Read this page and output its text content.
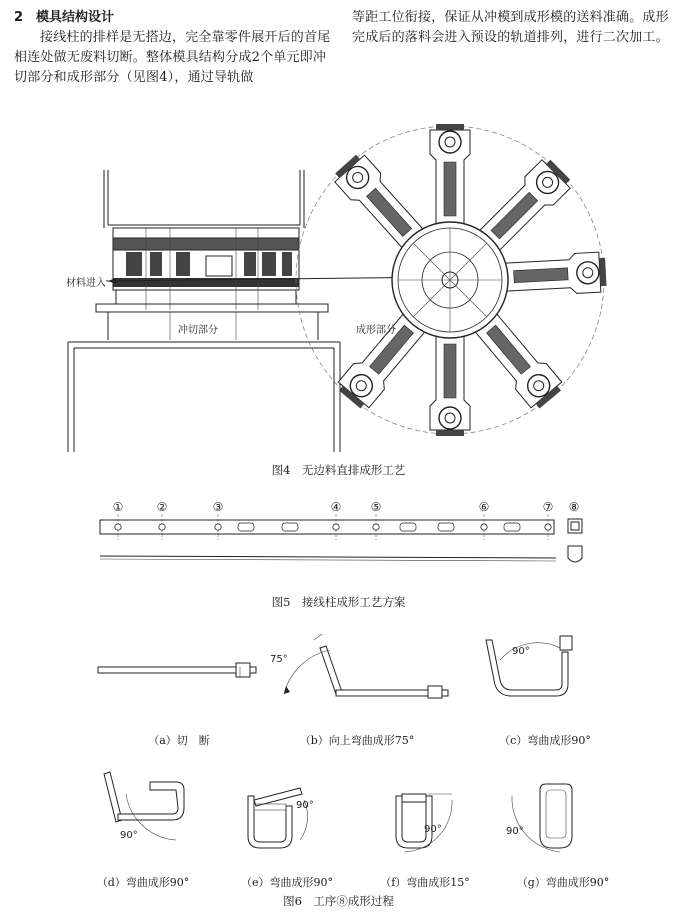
2 模具结构设计
接线柱的排样是无搭边，完全靠零件展开后的首尾相连处做无废料切断。整体模具结构分成2个单元即冲切部分和成形部分（见图4），通过导轨做
等距工位衔接，保证从冲模到成形模的送料准确。成形完成后的落料会进入预设的轨道排列，进行二次加工。
材料进入
冲切部分	成形部分
图4　无边料直排成形工艺
①	②	③	④ ⑤	⑥	⑦ ⑧
图5　接线柱成形工艺方案
75°
90°
90°
90°
90°	90°
（a）切　断	（b）向上弯曲成形75°	（c）弯曲成形90°
（d）弯曲成形90°	（e）弯曲成形90°	（f）弯曲成形15°	（g）弯曲成形90°
图6　工序⑧成形过程
